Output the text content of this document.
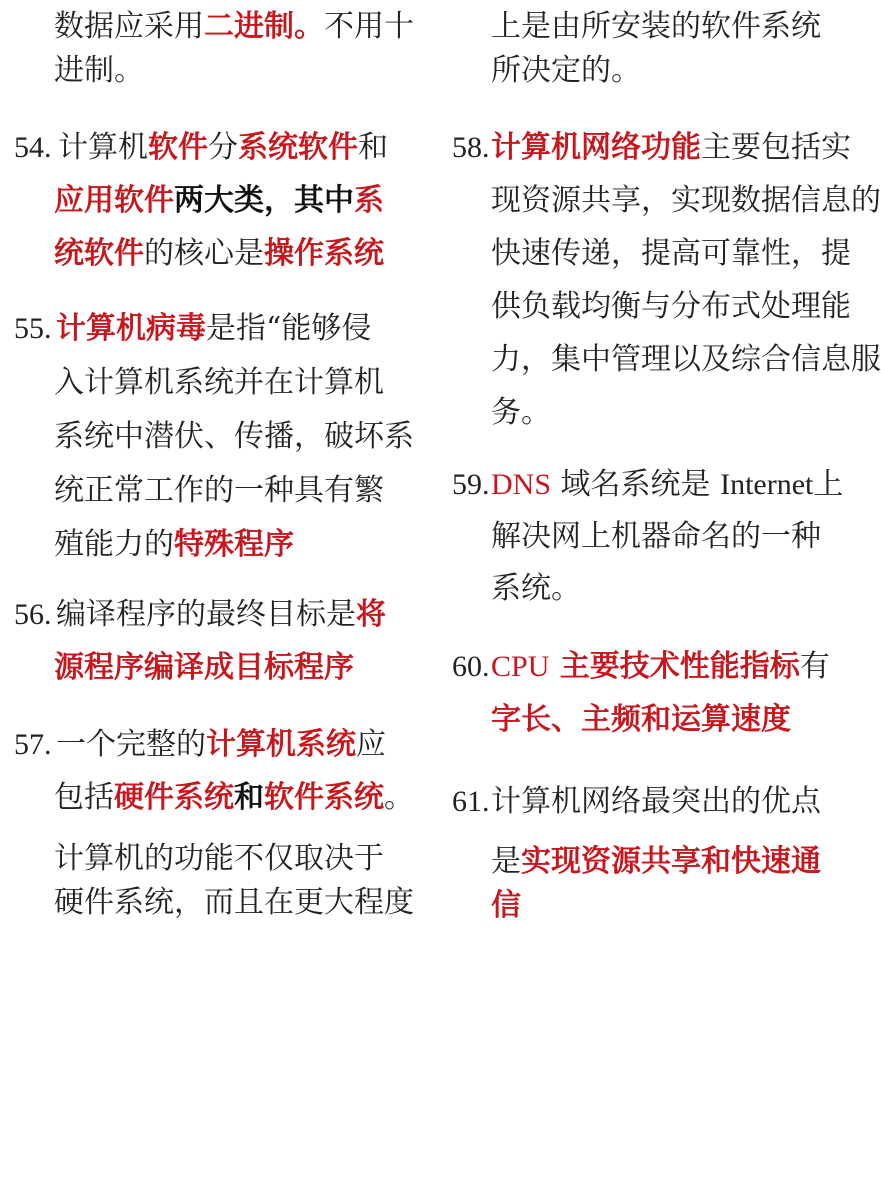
数据应采用二进制。不用十
进制。
54. 计算机软件分系统软件和
应用软件两大类，其中系
统软件的核心是操作系统
55. 计算机病毒是指“能够侵
入计算机系统并在计算机
系统中潜伏、传播，破坏系
统正常工作的一种具有繁
殖能力的特殊程序
56. 编译程序的最终目标是将
源程序编译成目标程序
57. 一个完整的计算机系统应
包括硬件系统和软件系统。
计算机的功能不仅取决于
硬件系统，而且在更大程度
上是由所安装的软件系统
所决定的。
58. 计算机网络功能主要包括实
现资源共享，实现数据信息的
快速传递，提高可靠性，提
供负载均衡与分布式处理能
力，集中管理以及综合信息服
务。
59. DNS 域名系统是 Internet上
解决网上机器命名的一种
系统。
60. CPU 主要技术性能指标有
字长、主频和运算速度
61. 计算机网络最突出的优点
是实现资源共享和快速通
信
